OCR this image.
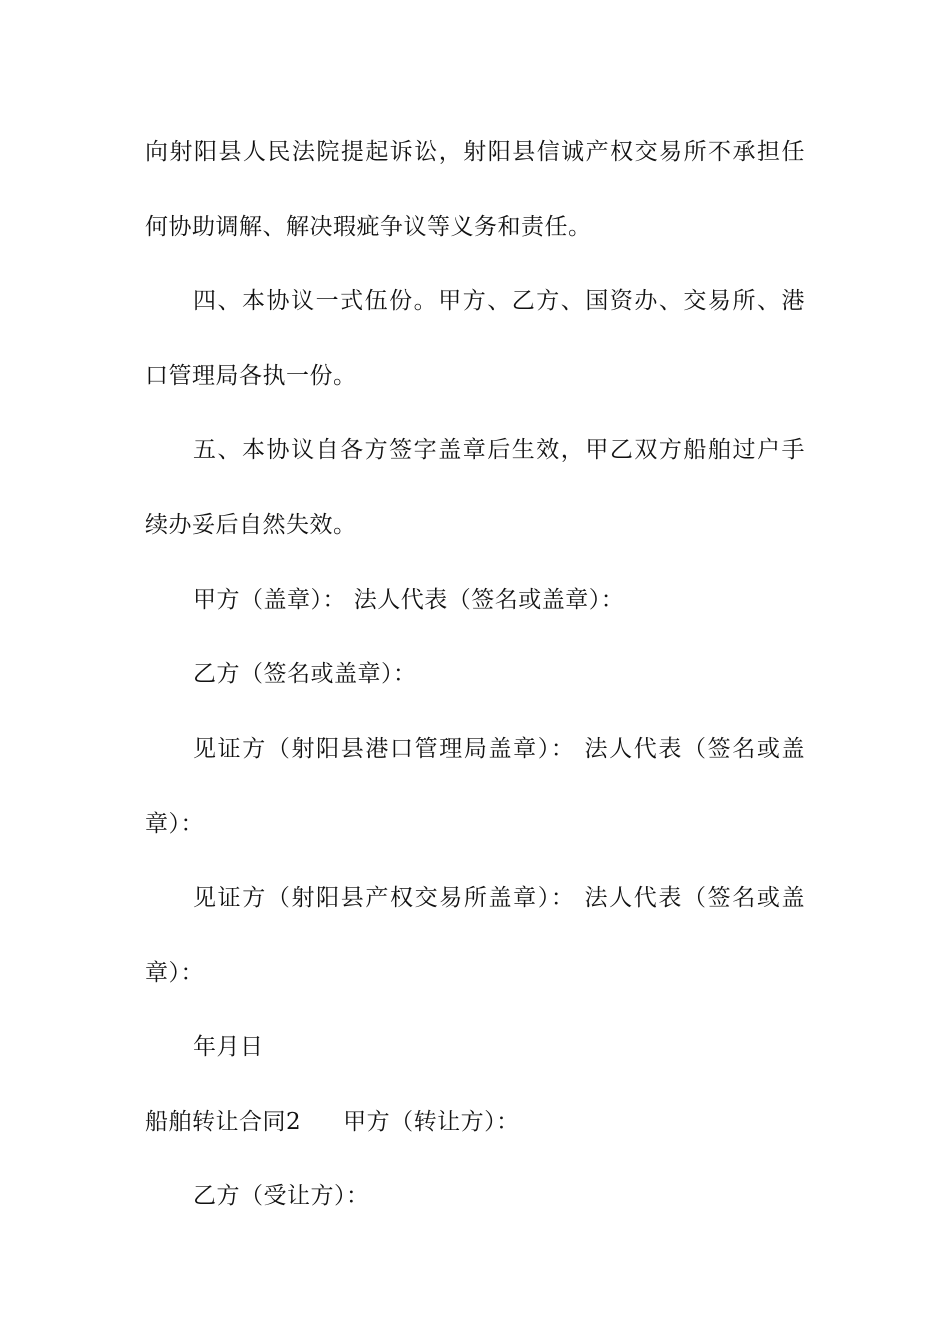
向射阳县人民法院提起诉讼，射阳县信诚产权交易所不承担任
何协助调解、解决瑕疵争议等义务和责任。
四、本协议一式伍份。甲方、乙方、国资办、交易所、港
口管理局各执一份。
五、本协议自各方签字盖章后生效，甲乙双方船舶过户手
续办妥后自然失效。
甲方（盖章）： 法人代表（签名或盖章）：
乙方（签名或盖章）：
见证方（射阳县港口管理局盖章）： 法人代表（签名或盖
章）：
见证方（射阳县产权交易所盖章）： 法人代表（签名或盖
章）：
年月日
船舶转让合同2 甲方（转让方）：
乙方（受让方）：
